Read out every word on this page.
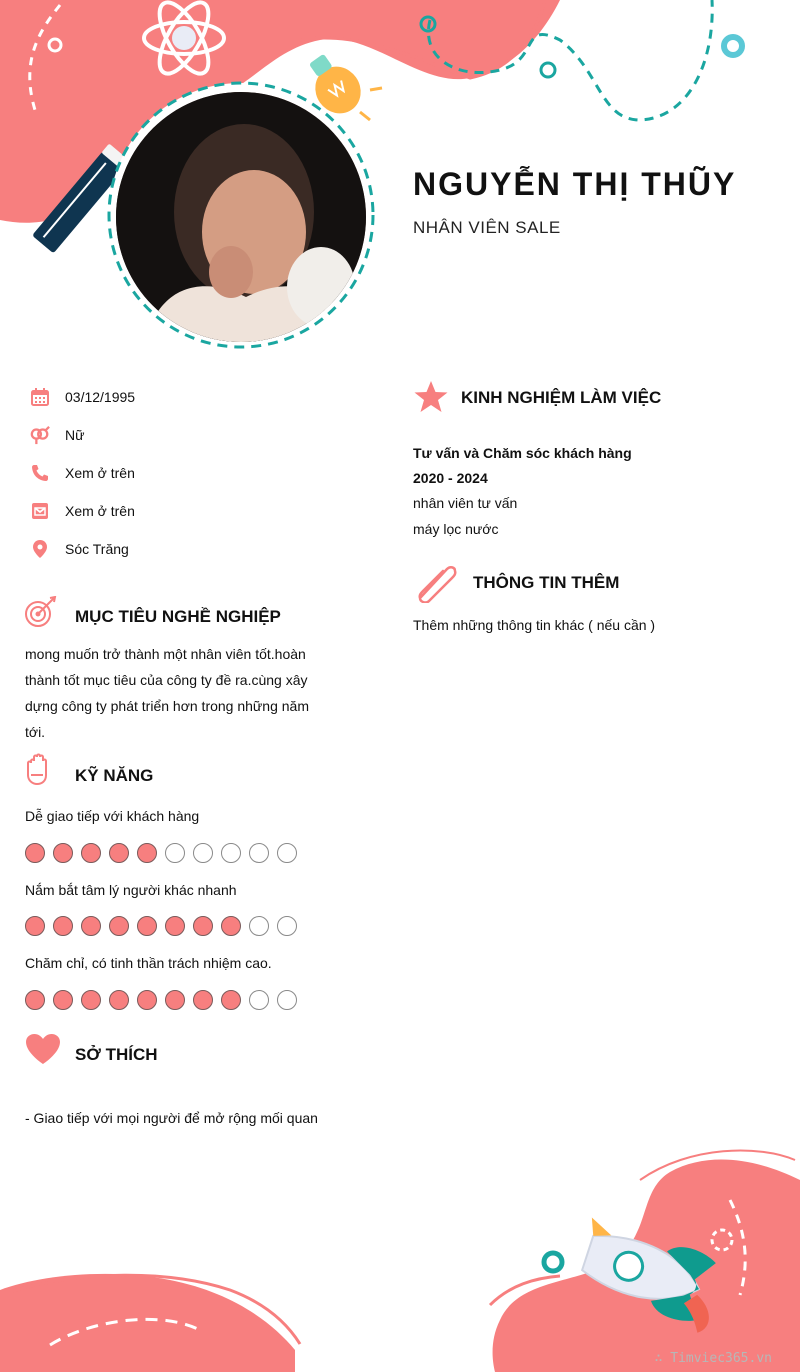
NGUYỄN THỊ THŨY
NHÂN VIÊN SALE
03/12/1995
Nữ
Xem ở trên
Xem ở trên
Sóc Trăng
MỤC TIÊU NGHỀ NGHIỆP
mong muốn trở thành một nhân viên tốt.hoàn
thành tốt mục tiêu của công ty đề ra.cùng xây
dựng công ty phát triển hơn trong những năm
tới.
KỸ NĂNG
Dễ giao tiếp với khách hàng
Nắm bắt tâm lý người khác nhanh
Chăm chỉ, có tinh thần trách nhiệm cao.
SỞ THÍCH
- Giao tiếp với mọi người để mở rộng mối quan
KINH NGHIỆM LÀM VIỆC
Tư vấn và Chăm sóc khách hàng
2020 - 2024
nhân viên tư vấn
máy lọc nước
THÔNG TIN THÊM
Thêm những thông tin khác ( nếu cần )
∴ Timviec365.vn
